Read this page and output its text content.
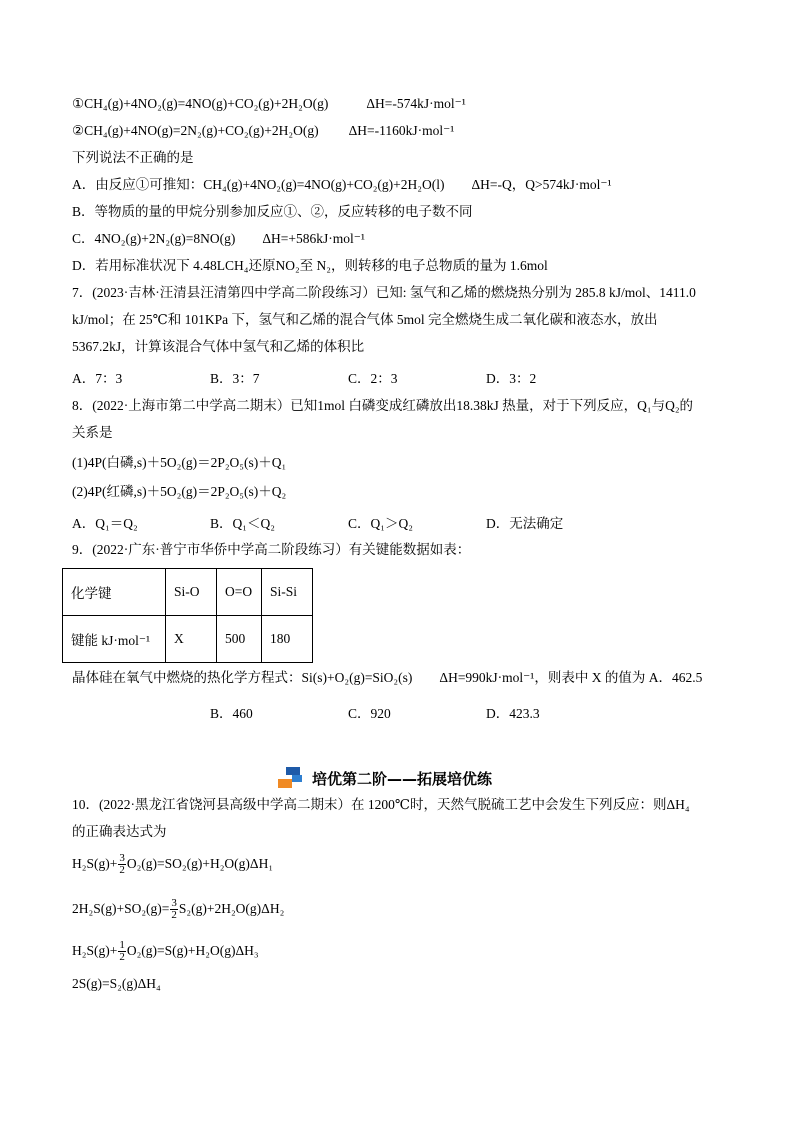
①CH₄(g)+4NO₂(g)=4NO(g)+CO₂(g)+2H₂O(g)	ΔH=-574kJ·mol⁻¹
②CH₄(g)+4NO(g)=2N₂(g)+CO₂(g)+2H₂O(g) ΔH=-1160kJ·mol⁻¹
下列说法不正确的是
A．由反应①可推知：CH₄(g)+4NO₂(g)=4NO(g)+CO₂(g)+2H₂O(l)　　ΔH=-Q，Q>574kJ·mol⁻¹
B．等物质的量的甲烷分别参加反应①、②，反应转移的电子数不同
C．4NO₂(g)+2N₂(g)=8NO(g)　　ΔH=+586kJ·mol⁻¹
D．若用标准状况下 4.48LCH₄还原NO₂至 N₂，则转移的电子总物质的量为 1.6mol
7．(2023·吉林·汪清县汪清第四中学高二阶段练习）已知: 氢气和乙烯的燃烧热分别为 285.8 kJ/mol、1411.0
kJ/mol；在 25℃和 101KPa 下，氢气和乙烯的混合气体 5mol 完全燃烧生成二氧化碳和液态水，放出
5367.2kJ，计算该混合气体中氢气和乙烯的体积比
A．7：3	B．3：7	C．2：3	D．3：2
8．(2022·上海市第二中学高二期末）已知1mol 白磷变成红磷放出18.38kJ 热量，对于下列反应，Q₁与Q₂的
关系是
(1)4P(白磷,s)＋5O₂(g)＝2P₂O₅(s)＋Q₁
(2)4P(红磷,s)＋5O₂(g)＝2P₂O₅(s)＋Q₂
A．Q₁＝Q₂	B．Q₁＜Q₂	C．Q₁＞Q₂	D．无法确定
9．(2022·广东·普宁市华侨中学高二阶段练习）有关键能数据如表：
化学键	Si-O	O=O	Si-Si
键能 kJ·mol⁻¹	X	500	180
晶体硅在氧气中燃烧的热化学方程式：Si(s)+O₂(g)=SiO₂(s)　　ΔH=990kJ·mol⁻¹，则表中 X 的值为 A．462.5
B．460	C．920	D．423.3
培优第二阶——拓展培优练
10．(2022·黑龙江省饶河县高级中学高二期末）在 1200℃时，天然气脱硫工艺中会发生下列反应：则ΔH₄
的正确表达式为
$H_2S(g)+ \frac{3}{2} O_2(g)=SO_2(g)+H_2O(g)\Delta H_1$
$2H_2S(g)+SO_2(g)= \frac{3}{2} S_2(g)+2H_2O(g)\Delta H_2$
$H_2S(g)+ \frac{1}{2} O_2(g)=S(g)+H_2O(g)\Delta H_3$
2S(g)=S₂(g)ΔH₄
